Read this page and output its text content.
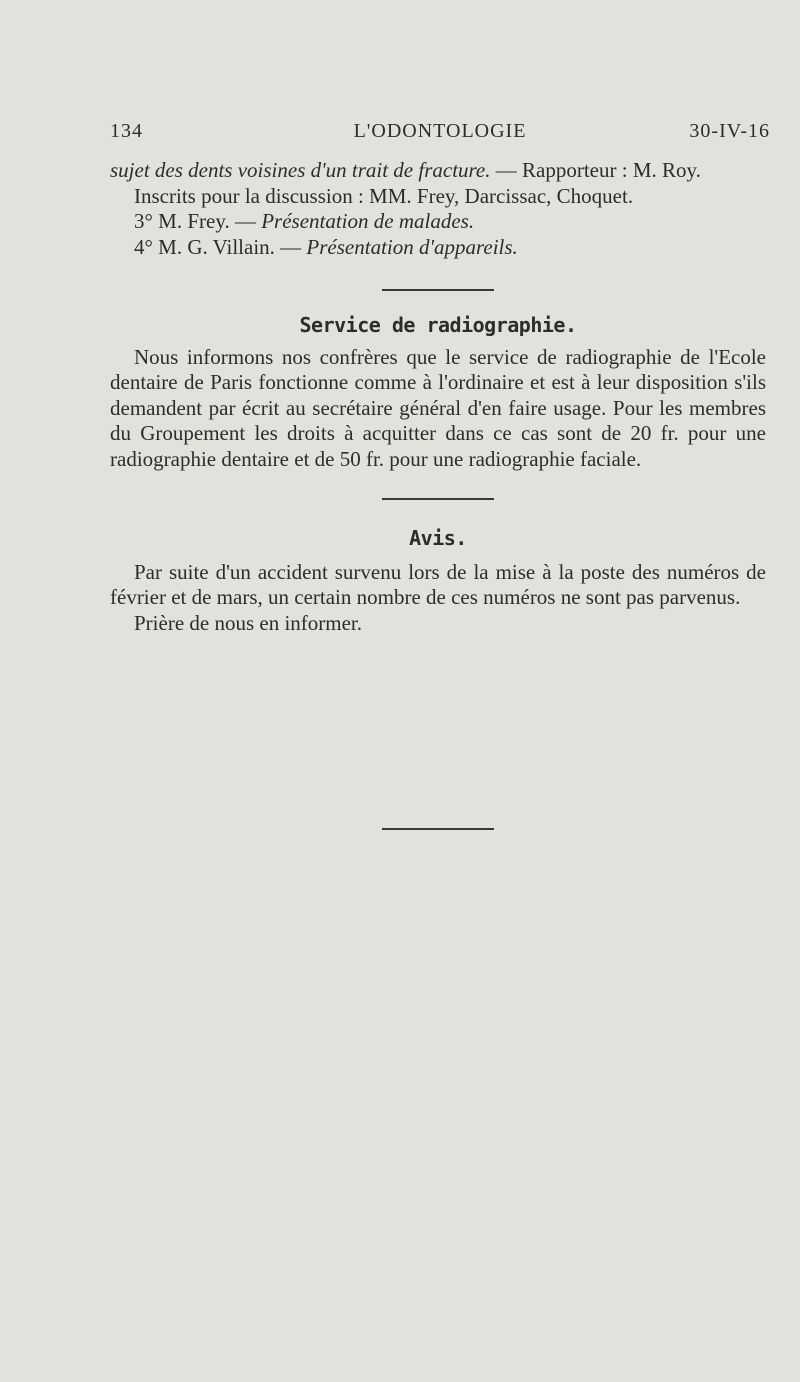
134	L'ODONTOLOGIE	30-IV-16

sujet des dents voisines d'un trait de fracture. — Rapporteur : M. Roy.

Inscrits pour la discussion : MM. Frey, Darcissac, Choquet.

3° M. Frey. — Présentation de malades.

4° M. G. Villain. — Présentation d'appareils.

Service de radiographie.

Nous informons nos confrères que le service de radiographie de l'Ecole dentaire de Paris fonctionne comme à l'ordinaire et est à leur disposition s'ils demandent par écrit au secrétaire général d'en faire usage. Pour les membres du Groupement les droits à acquitter dans ce cas sont de 20 fr. pour une radiographie dentaire et de 50 fr. pour une radiographie faciale.

Avis.

Par suite d'un accident survenu lors de la mise à la poste des numéros de février et de mars, un certain nombre de ces numéros ne sont pas parvenus.

Prière de nous en informer.
